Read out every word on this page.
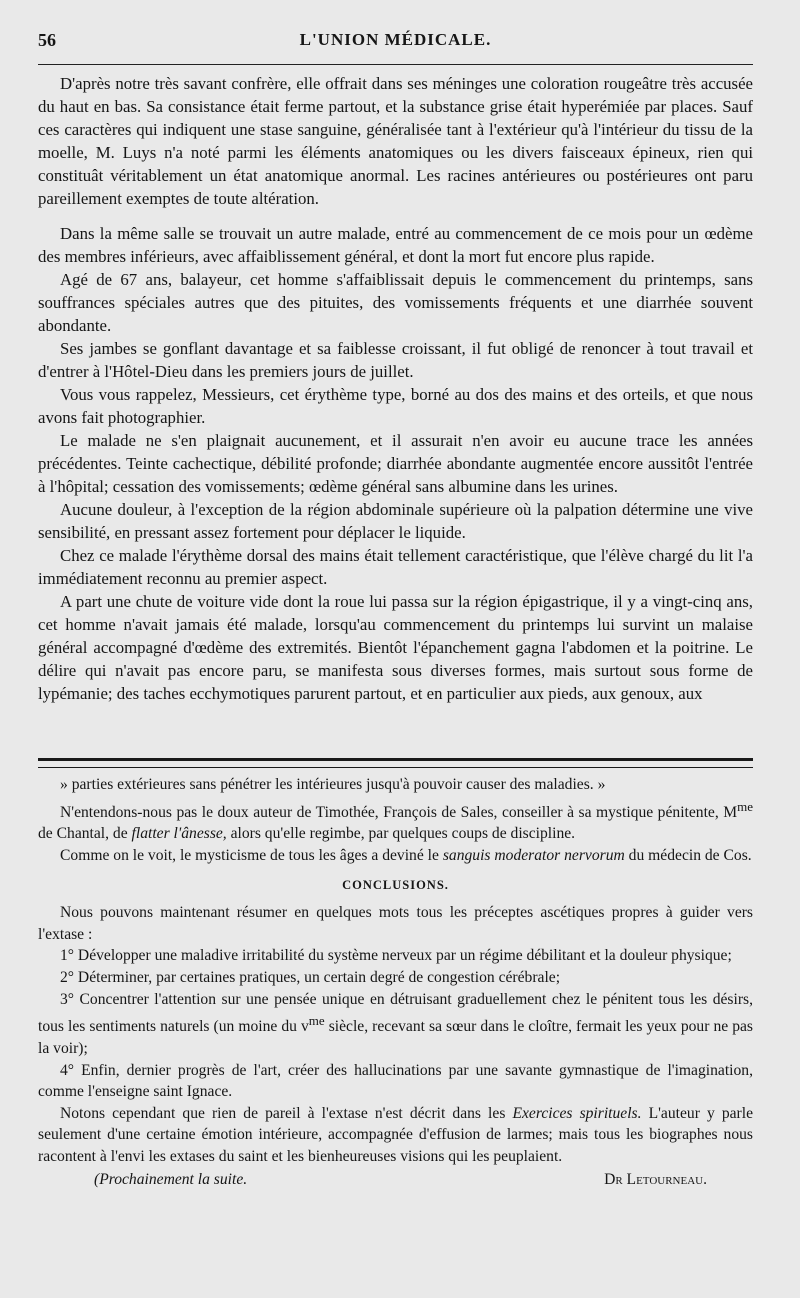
56	L'UNION MÉDICALE.

D'après notre très savant confrère, elle offrait dans ses méninges une coloration rougeâtre très accusée du haut en bas. Sa consistance était ferme partout, et la substance grise était hyperémiée par places. Sauf ces caractères qui indiquent une stase sanguine, généralisée tant à l'extérieur qu'à l'intérieur du tissu de la moelle, M. Luys n'a noté parmi les éléments anatomiques ou les divers faisceaux épineux, rien qui constituât véritablement un état anatomique anormal. Les racines antérieures ou postérieures ont paru pareillement exemptes de toute altération.

Dans la même salle se trouvait un autre malade, entré au commencement de ce mois pour un œdème des membres inférieurs, avec affaiblissement général, et dont la mort fut encore plus rapide.

Agé de 67 ans, balayeur, cet homme s'affaiblissait depuis le commencement du printemps, sans souffrances spéciales autres que des pituites, des vomissements fréquents et une diarrhée souvent abondante.

Ses jambes se gonflant davantage et sa faiblesse croissant, il fut obligé de renoncer à tout travail et d'entrer à l'Hôtel-Dieu dans les premiers jours de juillet.

Vous vous rappelez, Messieurs, cet érythème type, borné au dos des mains et des orteils, et que nous avons fait photographier.

Le malade ne s'en plaignait aucunement, et il assurait n'en avoir eu aucune trace les années précédentes. Teinte cachectique, débilité profonde; diarrhée abondante augmentée encore aussitôt l'entrée à l'hôpital; cessation des vomissements; œdème général sans albumine dans les urines.

Aucune douleur, à l'exception de la région abdominale supérieure où la palpation détermine une vive sensibilité, en pressant assez fortement pour déplacer le liquide.

Chez ce malade l'érythème dorsal des mains était tellement caractéristique, que l'élève chargé du lit l'a immédiatement reconnu au premier aspect.

A part une chute de voiture vide dont la roue lui passa sur la région épigastrique, il y a vingt-cinq ans, cet homme n'avait jamais été malade, lorsqu'au commencement du printemps lui survint un malaise général accompagné d'œdème des extremités. Bientôt l'épanchement gagna l'abdomen et la poitrine. Le délire qui n'avait pas encore paru, se manifesta sous diverses formes, mais surtout sous forme de lypémanie; des taches ecchymotiques parurent partout, et en particulier aux pieds, aux genoux, aux

» parties extérieures sans pénétrer les intérieures jusqu'à pouvoir causer des maladies. »

N'entendons-nous pas le doux auteur de Timothée, François de Sales, conseiller à sa mystique pénitente, $M^{me}$ de Chantal, de flatter l'ânesse, alors qu'elle regimbe, par quelques coups de discipline.

Comme on le voit, le mysticisme de tous les âges a deviné le sanguis moderator nervorum du médecin de Cos.

CONCLUSIONS.

Nous pouvons maintenant résumer en quelques mots tous les préceptes ascétiques propres à guider vers l'extase :

1° Développer une maladive irritabilité du système nerveux par un régime débilitant et la douleur physique;

2° Déterminer, par certaines pratiques, un certain degré de congestion cérébrale;

3° Concentrer l'attention sur une pensée unique en détruisant graduellement chez le pénitent tous les désirs, tous les sentiments naturels (un moine du $v^{me}$ siècle, recevant sa sœur dans le cloître, fermait les yeux pour ne pas la voir);

4° Enfin, dernier progrès de l'art, créer des hallucinations par une savante gymnastique de l'imagination, comme l'enseigne saint Ignace.

Notons cependant que rien de pareil à l'extase n'est décrit dans les Exercices spirituels. L'auteur y parle seulement d'une certaine émotion intérieure, accompagnée d'effusion de larmes; mais tous les biographes nous racontent à l'envi les extases du saint et les bienheureuses visions qui les peuplaient.

(Prochainement la suite.	Dr Letourneau.
